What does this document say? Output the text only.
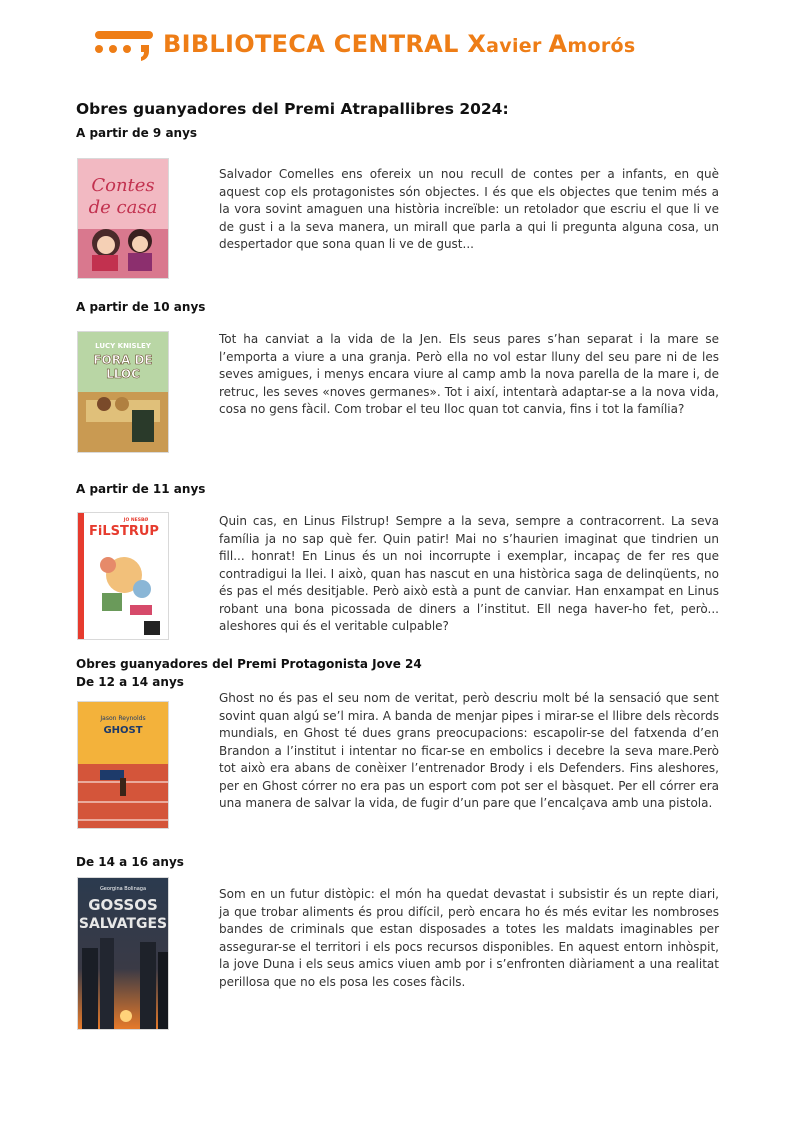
BIBLIOTECA CENTRAL Xavier Amorós
Obres guanyadores del Premi Atrapallibres 2024:

A partir de 9 anys

Contes
de casa

Salvador Comelles ens ofereix un nou recull de contes per a infants, en què aquest cop els protagonistes són objectes. I és que els objectes que tenim més a la vora sovint amaguen una història increïble: un retolador que escriu el que li ve de gust i a la seva manera, un mirall que parla a qui li pregunta alguna cosa, un despertador que sona quan li ve de gust...

A partir de 10 anys

LUCY KNISLEY
FORA DE
LLOC

Tot ha canviat a la vida de la Jen. Els seus pares s’han separat i la mare se l’emporta a viure a una granja. Però ella no vol estar lluny del seu pare ni de les seves amigues, i menys encara viure al camp amb la nova parella de la mare i, de retruc, les seves «noves germanes». Tot i així, intentarà adaptar-se a la nova vida, cosa no gens fàcil. Com trobar el teu lloc quan tot canvia, fins i tot la família?

A partir de 11 anys

JO NESBØ
FiLSTRUP

Quin cas, en Linus Filstrup! Sempre a la seva, sempre a contracorrent. La seva família ja no sap què fer. Quin patir! Mai no s’haurien imaginat que tindrien un fill... honrat! En Linus és un noi incorrupte i exemplar, incapaç de fer res que contradigui la llei. I això, quan has nascut en una històrica saga de delinqüents, no és pas el més desitjable. Però això està a punt de canviar. Han enxampat en Linus robant una bona picossada de diners a l’institut. Ell nega haver-ho fet, però... aleshores qui és el veritable culpable?

Obres guanyadores del Premi Protagonista Jove 24

De 12 a 14 anys

Jason Reynolds
GHOST

Ghost no és pas el seu nom de veritat, però descriu molt bé la sensació que sent sovint quan algú se’l mira. A banda de menjar pipes i mirar-se el llibre dels rècords mundials, en Ghost té dues grans preocupacions: escapolir-se del fatxenda d’en Brandon a l’institut i intentar no ficar-se en embolics i decebre la seva mare.Però tot això era abans de conèixer l’entrenador Brody i els Defenders. Fins aleshores, per en Ghost córrer no era pas un esport com pot ser el bàsquet. Per ell córrer era una manera de salvar la vida, de fugir d’un pare que l’encalçava amb una pistola.

De 14 a 16 anys

Georgina Bolinaga
GOSSOS
SALVATGES

Som en un futur distòpic: el món ha quedat devastat i subsistir és un repte diari, ja que trobar aliments és prou difícil, però encara ho és més evitar les nombroses bandes de criminals que estan disposades a totes les maldats imaginables per assegurar-se el territori i els pocs recursos disponibles. En aquest entorn inhòspit, la jove Duna i els seus amics viuen amb por i s’enfronten diàriament a una realitat perillosa que no els posa les coses fàcils.
